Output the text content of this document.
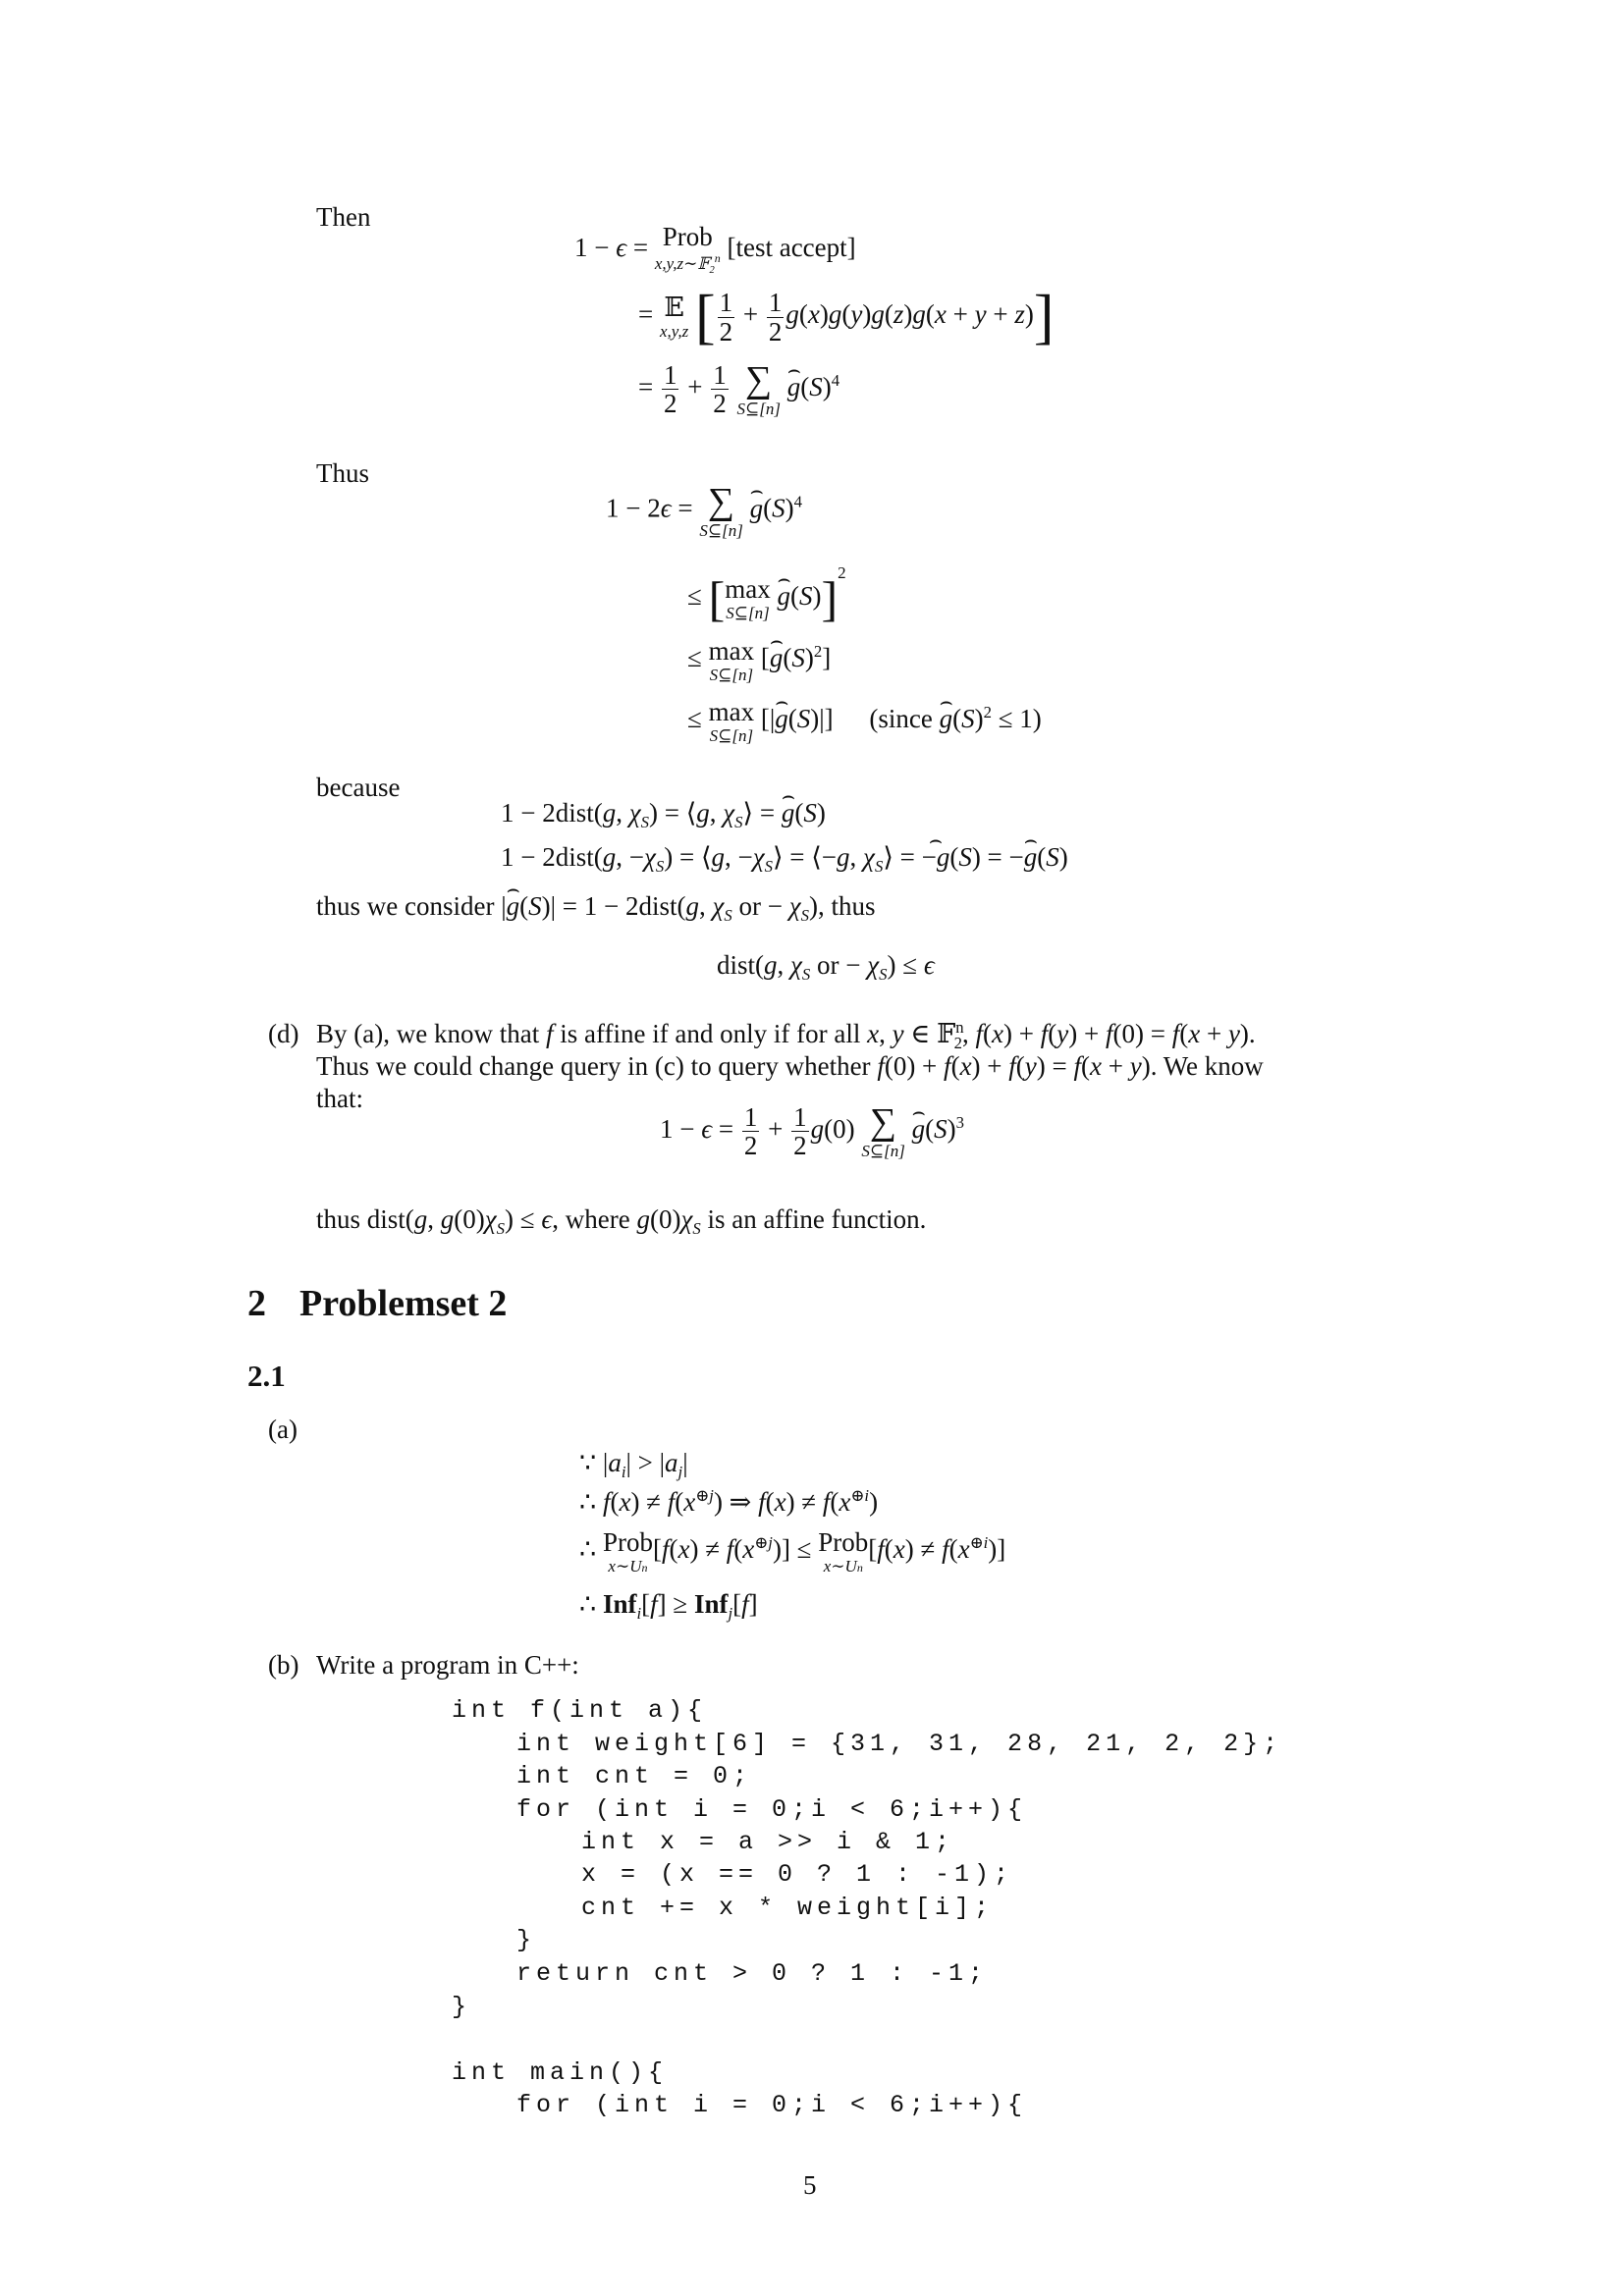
Then
1 − ϵ = Prob
x,y,z∼𝔽$_2^n$ [test accept]
= 𝔼
x,y,z [ $\frac{1}{2} + \frac{1}{2} g(x)g(y)g(z)g(x + y + z)$]
= $\frac{1}{2} + \frac{1}{2}$
∑
S⊆[n]
⌢ $g(S)^4$
Thus
1 − 2ϵ = ∑
S⊆[n]
⌢ $g(S)^4$
≤ [ max
S⊆[n]
⌢ g(S)]$^2$
≤ max
S⊆[n]
[⌢ $g(S)^2$]
≤ max
S⊆[n]
[|⌢ g(S)|] (since ⌢ $g(S)^2 \le 1$)
because
1 − 2dist(g, $\chi_S$) = ⟨g, $\chi_S⟩$ = ⌢ g(S)
1 − 2dist(g, $-\chi_S$) = ⟨g, $-\chi_S⟩$ = ⟨−g, $\chi_S⟩$ = ⌢ −g(S) = −⌢ g(S)
thus we consider |⌢ g(S)| = 1 − 2dist(g, $\chi_S$ or − $\chi_S$), thus
dist(g, $\chi_S$ or − $\chi_S) \le \epsilon$
(d) By (a), we know that f is affine if and only if for all x, y ∈ 𝔽$^n_2$, f(x) + f(y) + f(0) = f(x + y).
Thus we could change query in (c) to query whether f(0) + f(x) + f(y) = f(x + y). We know
that:
$1 - \epsilon = \frac{1}{2} + \frac{1}{2} g(0)$ ∑
S⊆[n]
⌢ $g(S)^3$
thus dist(g, $g(0)\chi_S) \le \epsilon$, where $g(0)\chi_S$ is an affine function.
2 Problemset 2
2.1
(a)
∵ $|a_i| > |a_j|$
∴ $f(x) \ne f(x^{\oplus j})$ ⇒ $f(x) \ne f(x^{\oplus i})$
∴ Prob
x∼Un
$[f(x) \ne f(x^{\oplus j})]$ ≤ Prob
x∼Un
$[f(x) \ne f(x^{\oplus i})]$
∴ Inf$_i$[f] ≥ Inf$_j$[f]
(b) Write a program in C++:
int f(int a){
int weight[6] = {31, 31, 28, 21, 2, 2};
int cnt = 0;
for (int i = 0;i < 6;i++){
int x = a >> i & 1;
x = (x == 0 ? 1 : -1);
cnt += x * weight[i];
}
return cnt > 0 ? 1 : -1;
}
int main(){
for (int i = 0;i < 6;i++){
5
